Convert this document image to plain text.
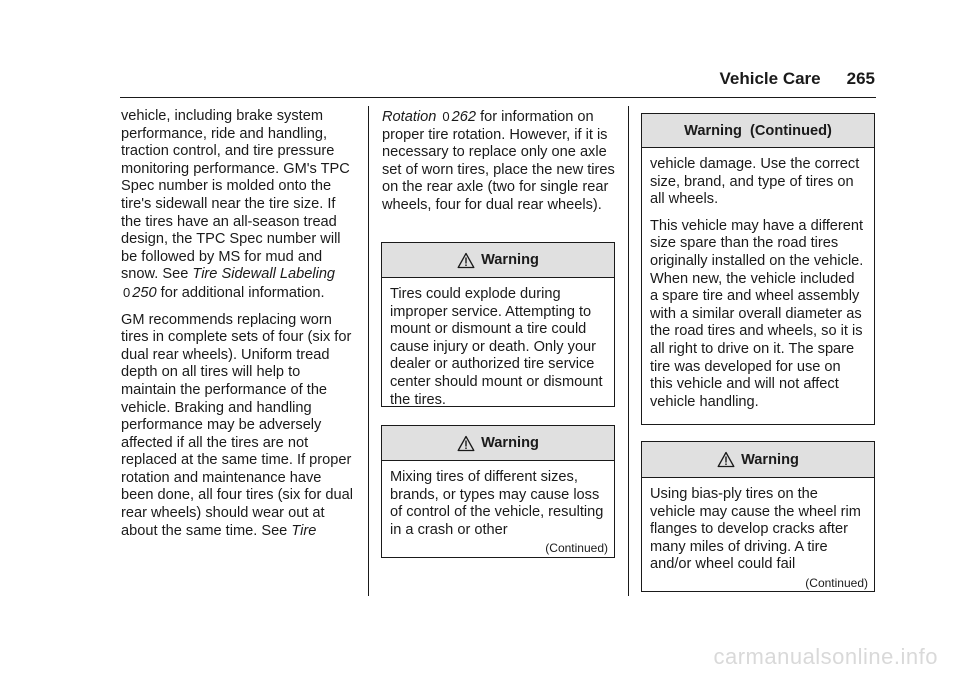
Vehicle Care 265

vehicle, including brake system performance, ride and handling, traction control, and tire pressure monitoring performance. GM's TPC Spec number is molded onto the tire's sidewall near the tire size. If the tires have an all-season tread design, the TPC Spec number will be followed by MS for mud and snow. See Tire Sidewall Labeling 0 250 for additional information.

GM recommends replacing worn tires in complete sets of four (six for dual rear wheels). Uniform tread depth on all tires will help to maintain the performance of the vehicle. Braking and handling performance may be adversely affected if all the tires are not replaced at the same time. If proper rotation and maintenance have been done, all four tires (six for dual rear wheels) should wear out at about the same time. See Tire

Rotation 0 262 for information on proper tire rotation. However, if it is necessary to replace only one axle set of worn tires, place the new tires on the rear axle (two for single rear wheels, four for dual rear wheels).

Warning

Tires could explode during improper service. Attempting to mount or dismount a tire could cause injury or death. Only your dealer or authorized tire service center should mount or dismount the tires.

Warning

Mixing tires of different sizes, brands, or types may cause loss of control of the vehicle, resulting in a crash or other

(Continued)
Warning  (Continued)

vehicle damage. Use the correct size, brand, and type of tires on all wheels.

This vehicle may have a different size spare than the road tires originally installed on the vehicle. When new, the vehicle included a spare tire and wheel assembly with a similar overall diameter as the road tires and wheels, so it is all right to drive on it. The spare tire was developed for use on this vehicle and will not affect vehicle handling.

Warning

Using bias-ply tires on the vehicle may cause the wheel rim flanges to develop cracks after many miles of driving. A tire and/or wheel could fail

(Continued)
carmanualsonline.info
